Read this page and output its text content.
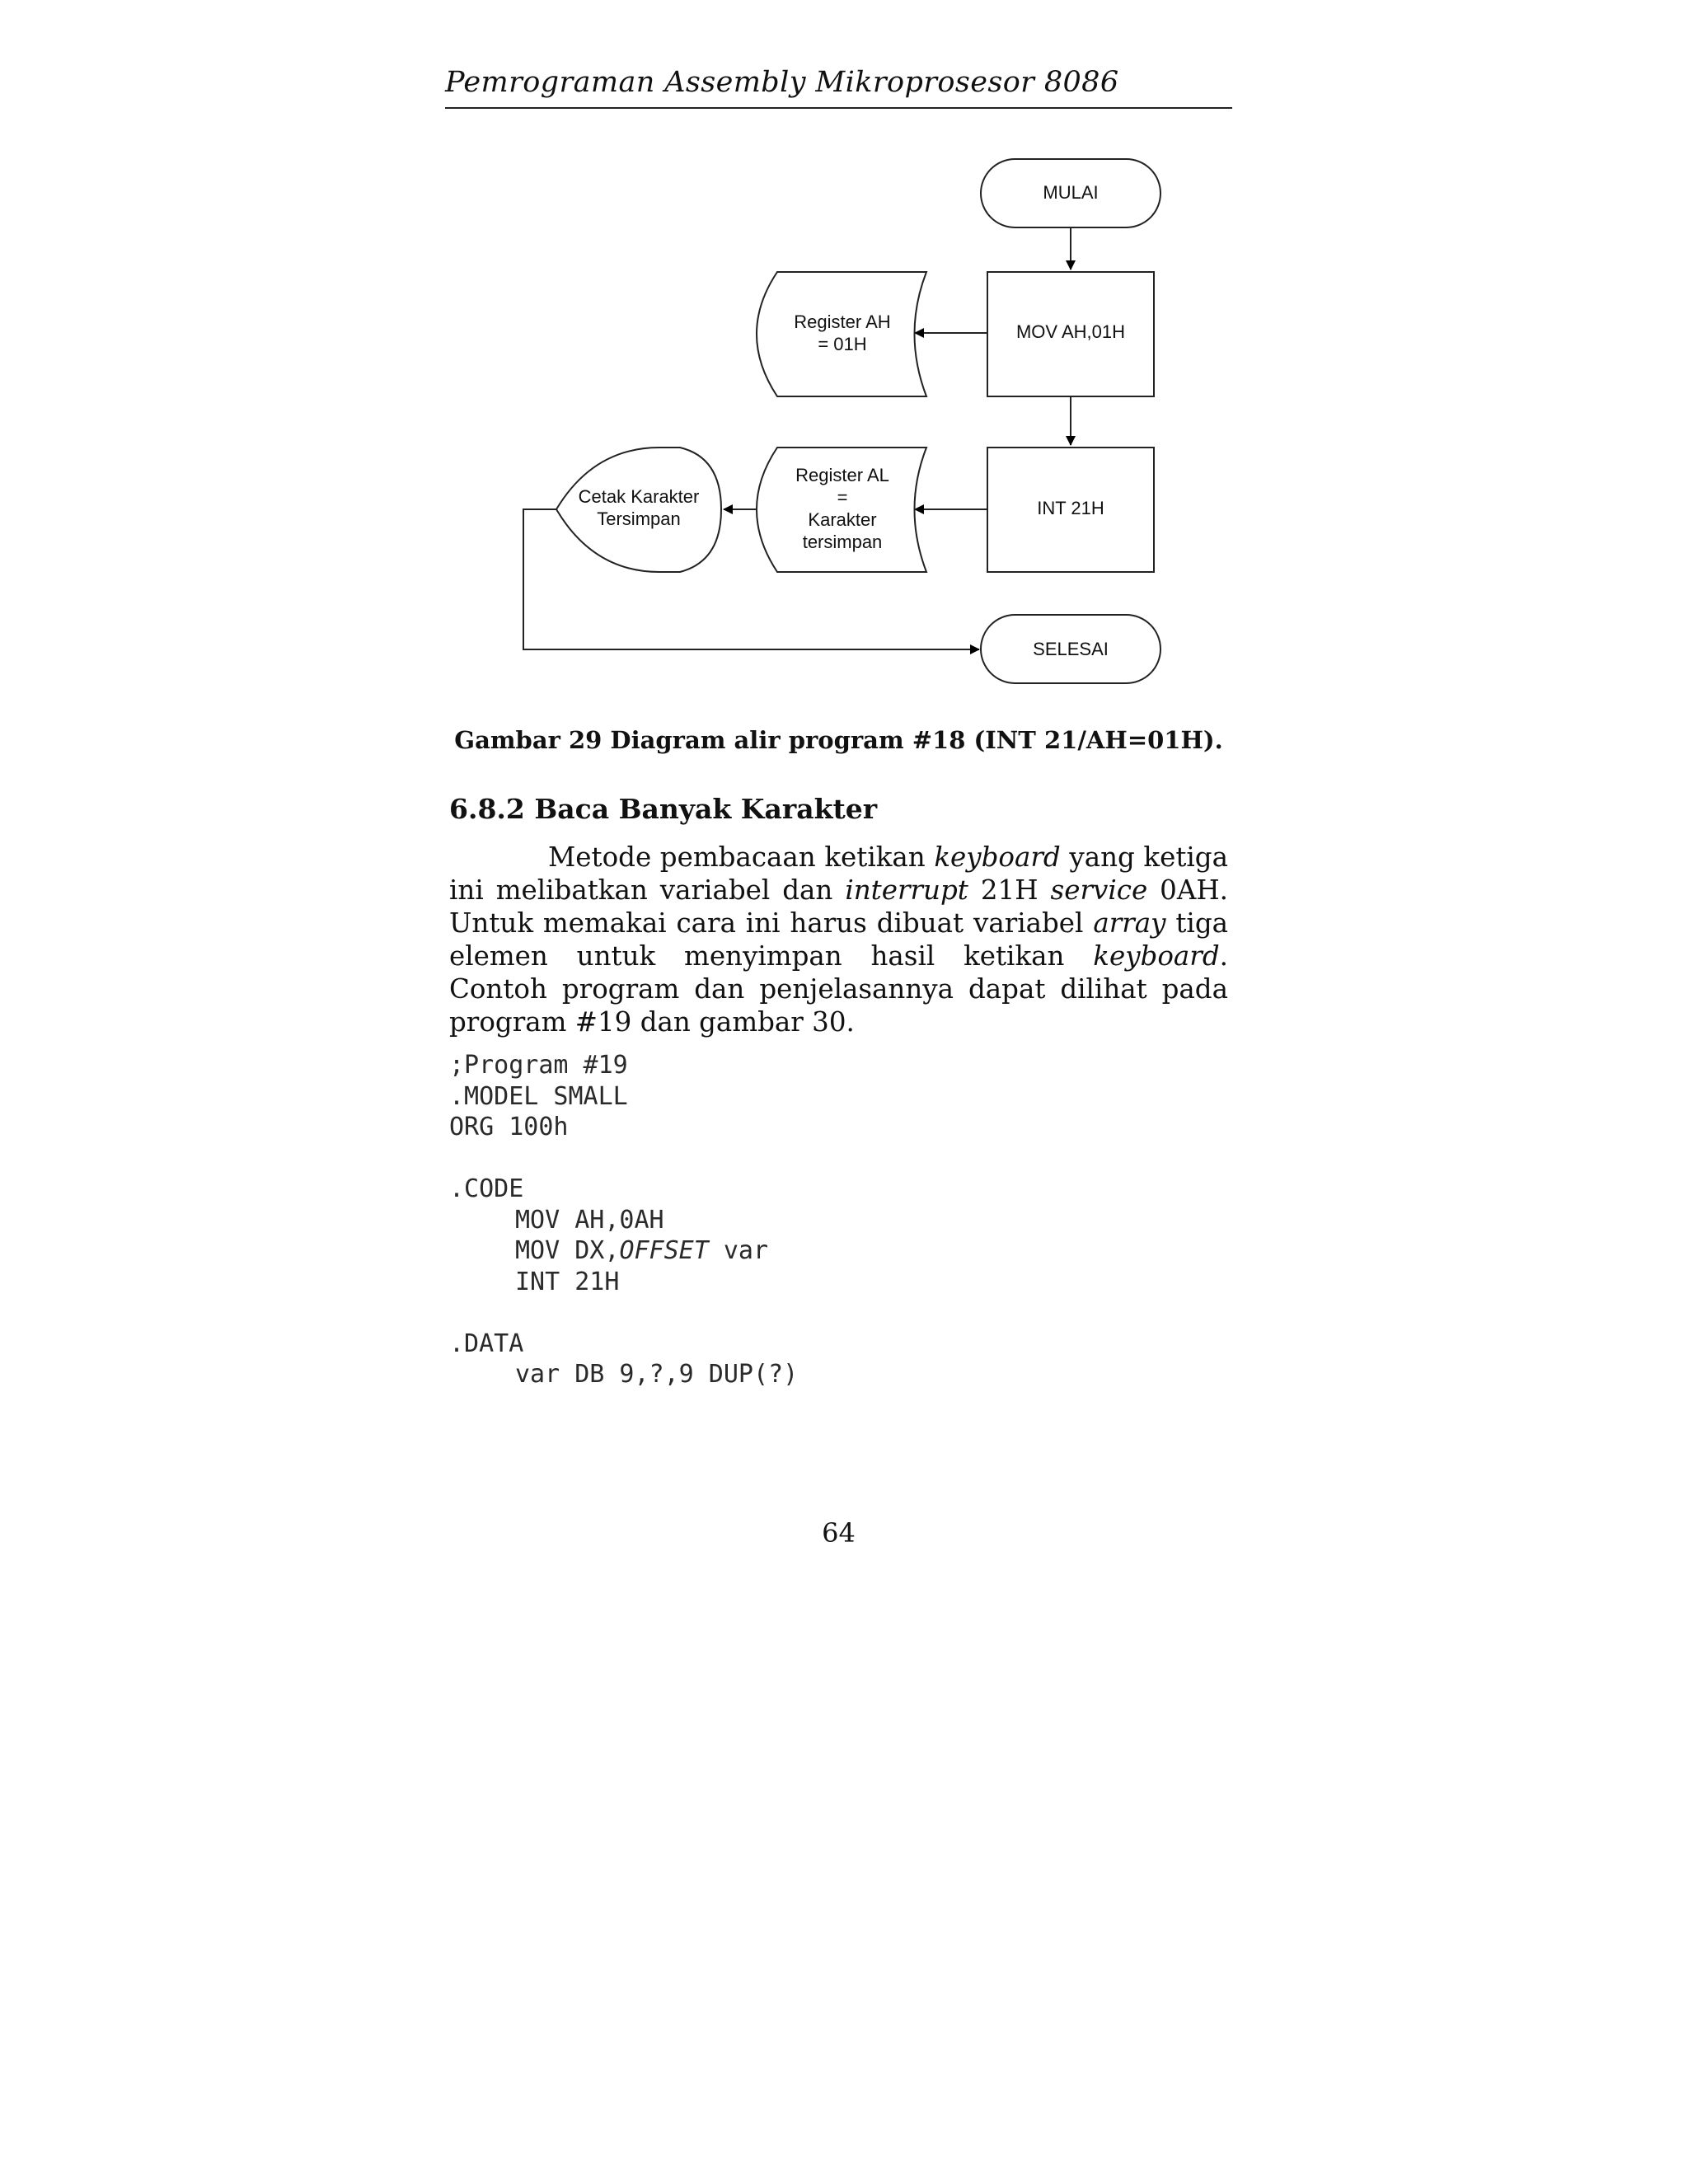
Pemrograman Assembly Mikroprosesor 8086
MULAI
MOV AH,01H
Register AH
= 01H
INT 21H
Register AL
=
Karakter
tersimpan
Cetak Karakter
Tersimpan
SELESAI
Gambar 29 Diagram alir program #18 (INT 21/AH=01H).
6.8.2 Baca Banyak Karakter
Metode pembacaan ketikan keyboard yang ketiga ini melibatkan variabel dan interrupt 21H service 0AH. Untuk memakai cara ini harus dibuat variabel array tiga elemen untuk menyimpan hasil ketikan keyboard. Contoh program dan penjelasannya dapat dilihat pada program #19 dan gambar 30.
;Program #19
.MODEL SMALL
ORG 100h
.CODE
MOV AH,0AH
MOV DX,OFFSET var
INT 21H
.DATA
var DB 9,?,9 DUP(?)
64
